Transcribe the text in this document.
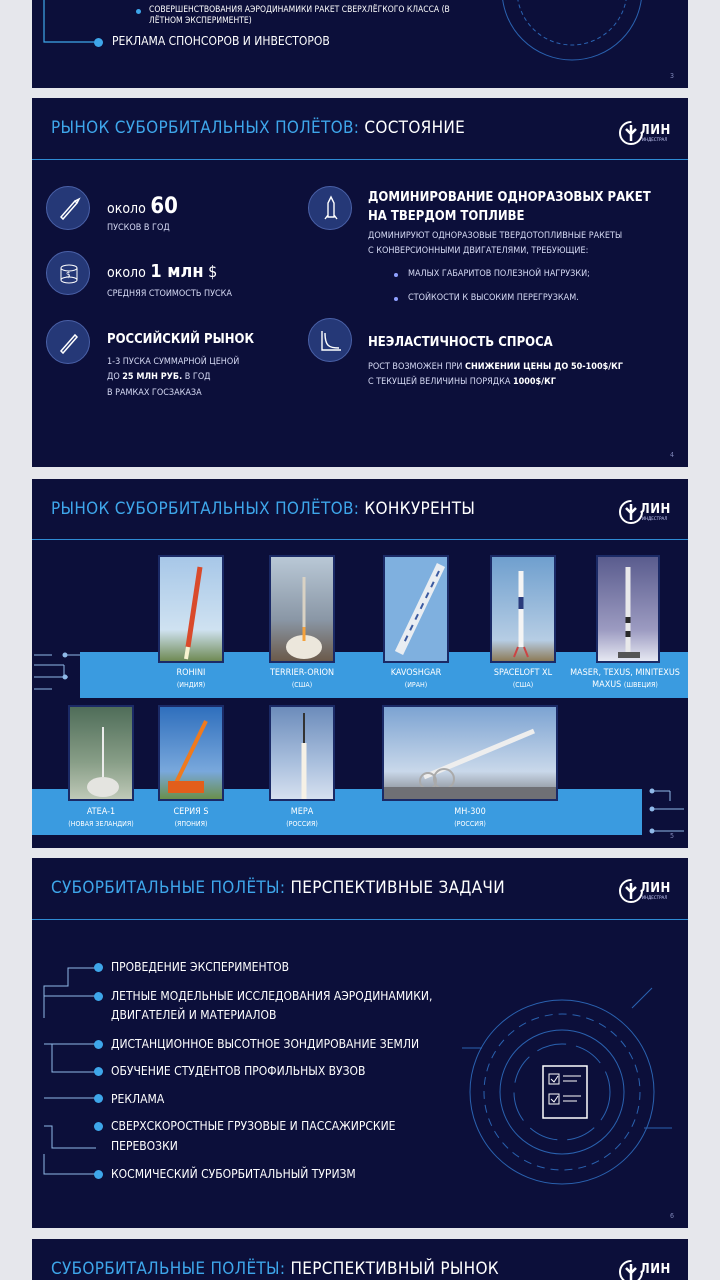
СОВЕРШЕНСТВОВАНИЯ АЭРОДИНАМИКИ РАКЕТ СВЕРХЛЁГКОГО КЛАССА (В ЛЁТНОМ ЭКСПЕРИМЕНТЕ)
РЕКЛАМА СПОНСОРОВ И ИНВЕСТОРОВ
3
РЫНОК СУБОРБИТАЛЬНЫХ ПОЛЁТОВ: СОСТОЯНИЕ	ЛИН
ИНДЕСТРАЛ
около 60
ПУСКОВ В ГОД
$	около 1 млн $
СРЕДНЯЯ СТОИМОСТЬ ПУСКА
РОССИЙСКИЙ РЫНОК
1-3 ПУСКА СУММАРНОЙ ЦЕНОЙ
ДО 25 МЛН РУБ. В ГОД
В РАМКАХ ГОСЗАКАЗА
ДОМИНИРОВАНИЕ ОДНОРАЗОВЫХ РАКЕТ
НА ТВЕРДОМ ТОПЛИВЕ
ДОМИНИРУЮТ ОДНОРАЗОВЫЕ ТВЕРДОТОПЛИВНЫЕ РАКЕТЫ
С КОНВЕРСИОННЫМИ ДВИГАТЕЛЯМИ, ТРЕБУЮЩИЕ:
МАЛЫХ ГАБАРИТОВ ПОЛЕЗНОЙ НАГРУЗКИ;
СТОЙКОСТИ К ВЫСОКИМ ПЕРЕГРУЗКАМ.
НЕЭЛАСТИЧНОСТЬ СПРОСА
РОСТ ВОЗМОЖЕН ПРИ СНИЖЕНИИ ЦЕНЫ ДО 50-100$/КГ
С ТЕКУЩЕЙ ВЕЛИЧИНЫ ПОРЯДКА 1000$/КГ
4
РЫНОК СУБОРБИТАЛЬНЫХ ПОЛЁТОВ: КОНКУРЕНТЫ	ЛИН
ИНДЕСТРАЛ
ROHINI
(ИНДИЯ)
TERRIER-ORION
(США)
KAVOSHGAR
(ИРАН)
SPACELOFT XL
(США)
MASER, TEXUS, MINITEXUS
MAXUS (ШВЕЦИЯ)
ATEA-1
(НОВАЯ ЗЕЛАНДИЯ)
СЕРИЯ S
(ЯПОНИЯ)
МЕРА
(РОССИЯ)
МН-300
(РОССИЯ)
5
СУБОРБИТАЛЬНЫЕ ПОЛЁТЫ: ПЕРСПЕКТИВНЫЕ ЗАДАЧИ	ЛИН
ИНДЕСТРАЛ
ПРОВЕДЕНИЕ ЭКСПЕРИМЕНТОВ
ЛЕТНЫЕ МОДЕЛЬНЫЕ ИССЛЕДОВАНИЯ АЭРОДИНАМИКИ,
ДВИГАТЕЛЕЙ И МАТЕРИАЛОВ
ДИСТАНЦИОННОЕ ВЫСОТНОЕ ЗОНДИРОВАНИЕ ЗЕМЛИ
ОБУЧЕНИЕ СТУДЕНТОВ ПРОФИЛЬНЫХ ВУЗОВ
РЕКЛАМА
СВЕРХСКОРОСТНЫЕ ГРУЗОВЫЕ И ПАССАЖИРСКИЕ
ПЕРЕВОЗКИ
КОСМИЧЕСКИЙ СУБОРБИТАЛЬНЫЙ ТУРИЗМ
6
СУБОРБИТАЛЬНЫЕ ПОЛЁТЫ: ПЕРСПЕКТИВНЫЙ РЫНОК	ЛИН
